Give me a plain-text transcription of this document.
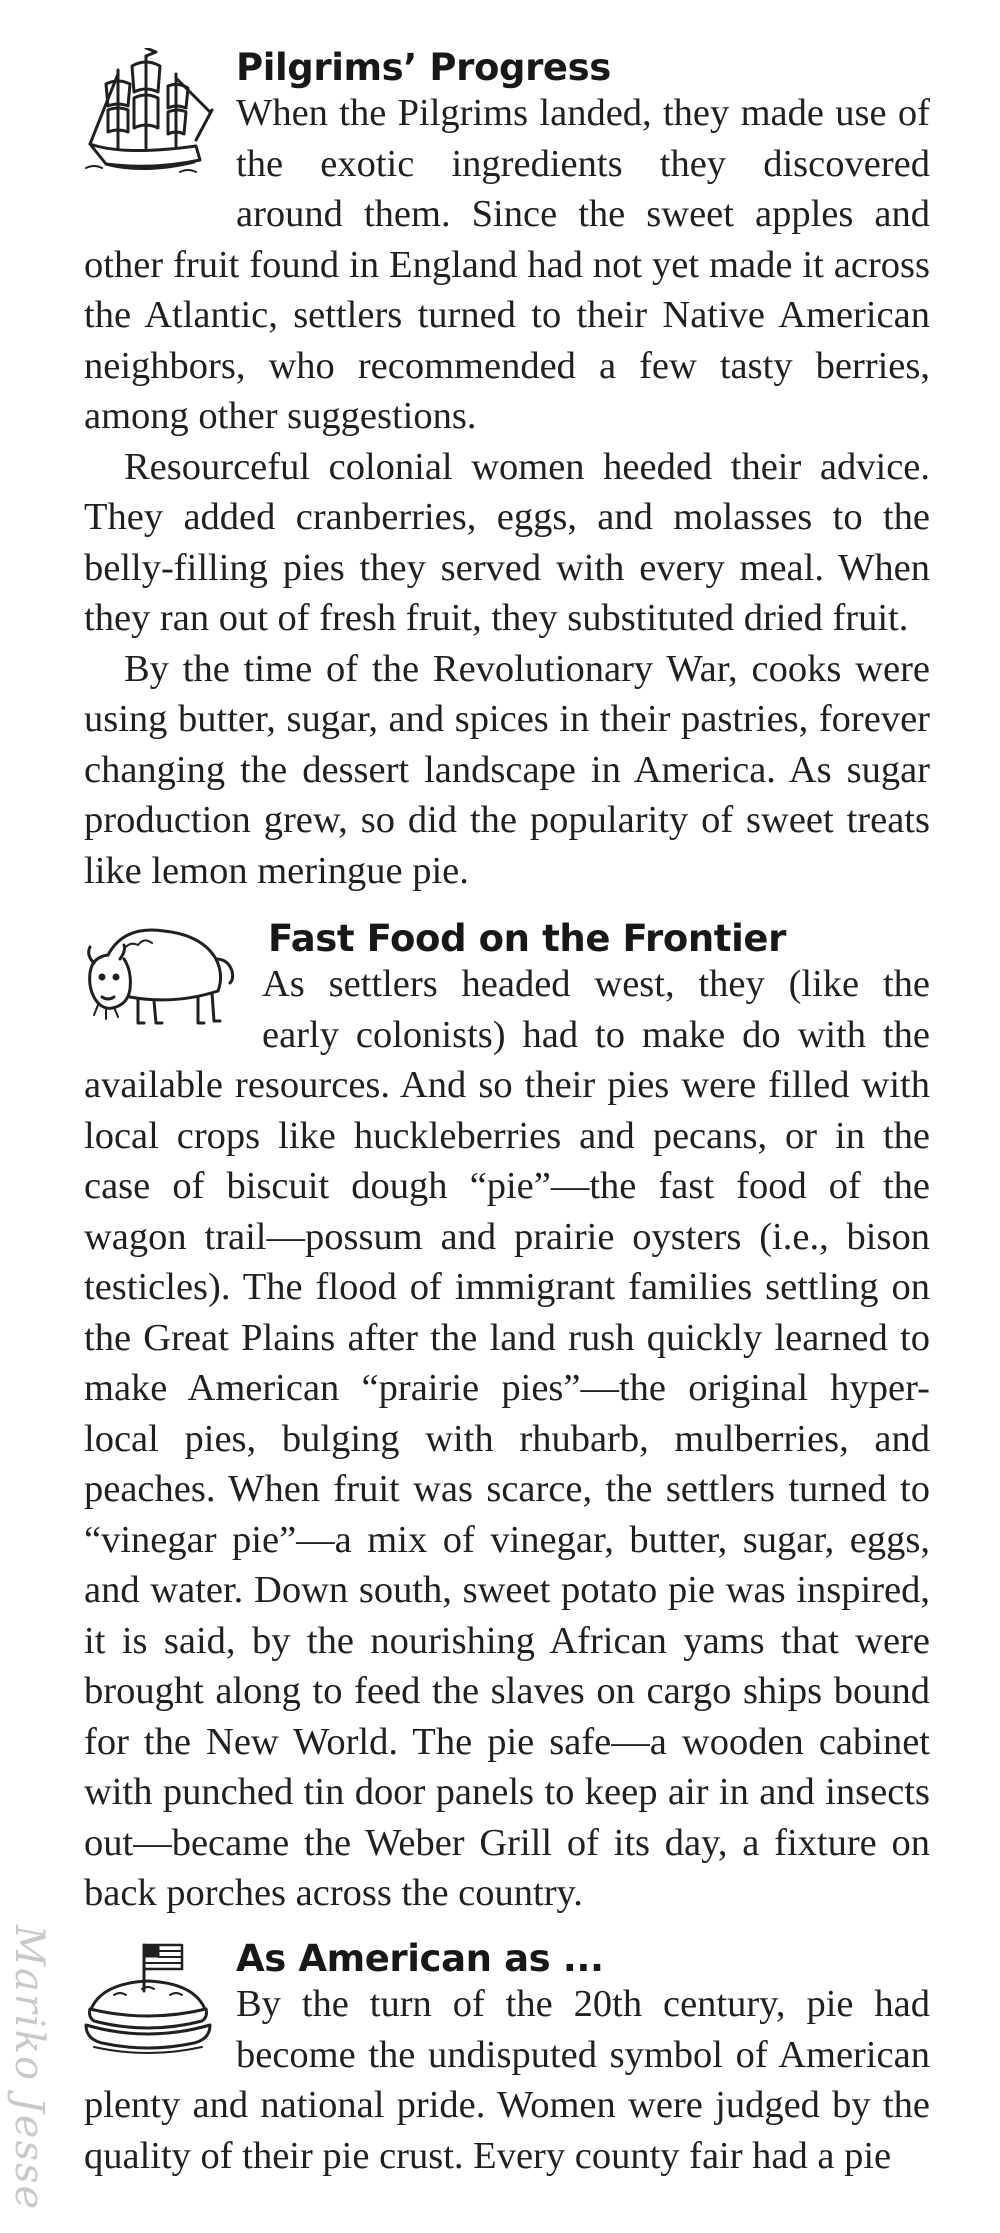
Pilgrims’ Progress

When the Pilgrims landed, they made use of the exotic ingredients they discovered around them. Since the sweet apples and other fruit found in England had not yet made it across the Atlantic, settlers turned to their Native American neighbors, who recommended a few tasty berries, among other suggestions.

Resourceful colonial women heeded their advice. They added cranberries, eggs, and molasses to the belly-filling pies they served with every meal. When they ran out of fresh fruit, they substituted dried fruit.

By the time of the Revolutionary War, cooks were using butter, sugar, and spices in their pastries, forever changing the dessert landscape in America. As sugar production grew, so did the popularity of sweet treats like lemon meringue pie.

Fast Food on the Frontier

As settlers headed west, they (like the early colonists) had to make do with the available resources. And so their pies were filled with local crops like huckleberries and pecans, or in the case of biscuit dough “pie”—the fast food of the wagon trail—possum and prairie oysters (i.e., bison testicles). The flood of immigrant families settling on the Great Plains after the land rush quickly learned to make American “prairie pies”—the original hyper-local pies, bulging with rhubarb, mulberries, and peaches. When fruit was scarce, the settlers turned to “vinegar pie”—a mix of vinegar, butter, sugar, eggs, and water. Down south, sweet potato pie was inspired, it is said, by the nourishing African yams that were brought along to feed the slaves on cargo ships bound for the New World. The pie safe—a wooden cabinet with punched tin door panels to keep air in and insects out—became the Weber Grill of its day, a fixture on back porches across the country.

As American as ...

By the turn of the 20th century, pie had become the undisputed symbol of American plenty and national pride. Women were judged by the quality of their pie crust. Every county fair had a pie

Mariko Jesse
